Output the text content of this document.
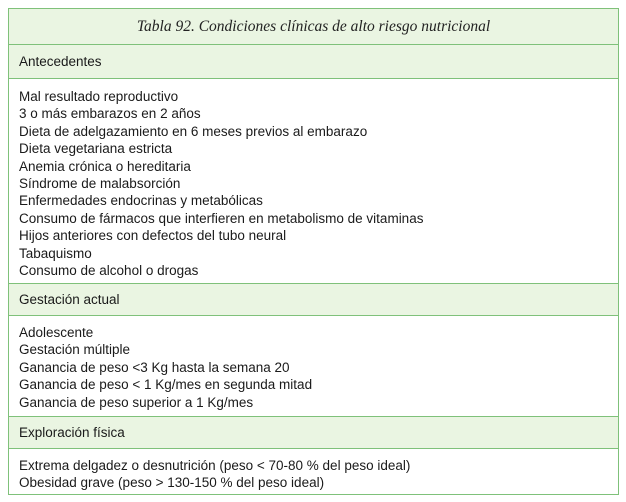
Tabla 92. Condiciones clínicas de alto riesgo nutricional
Antecedentes
Mal resultado reproductivo
3 o más embarazos en 2 años
Dieta de adelgazamiento en 6 meses previos al embarazo
Dieta vegetariana estricta
Anemia crónica o hereditaria
Síndrome de malabsorción
Enfermedades endocrinas y metabólicas
Consumo de fármacos que interfieren en metabolismo de vitaminas
Hijos anteriores con defectos del tubo neural
Tabaquismo
Consumo de alcohol o drogas
Gestación actual
Adolescente
Gestación múltiple
Ganancia de peso <3 Kg hasta la semana 20
Ganancia de peso < 1 Kg/mes en segunda mitad
Ganancia de peso superior a 1 Kg/mes
Exploración física
Extrema delgadez o desnutrición (peso < 70-80 % del peso ideal)
Obesidad grave (peso > 130-150 % del peso ideal)
